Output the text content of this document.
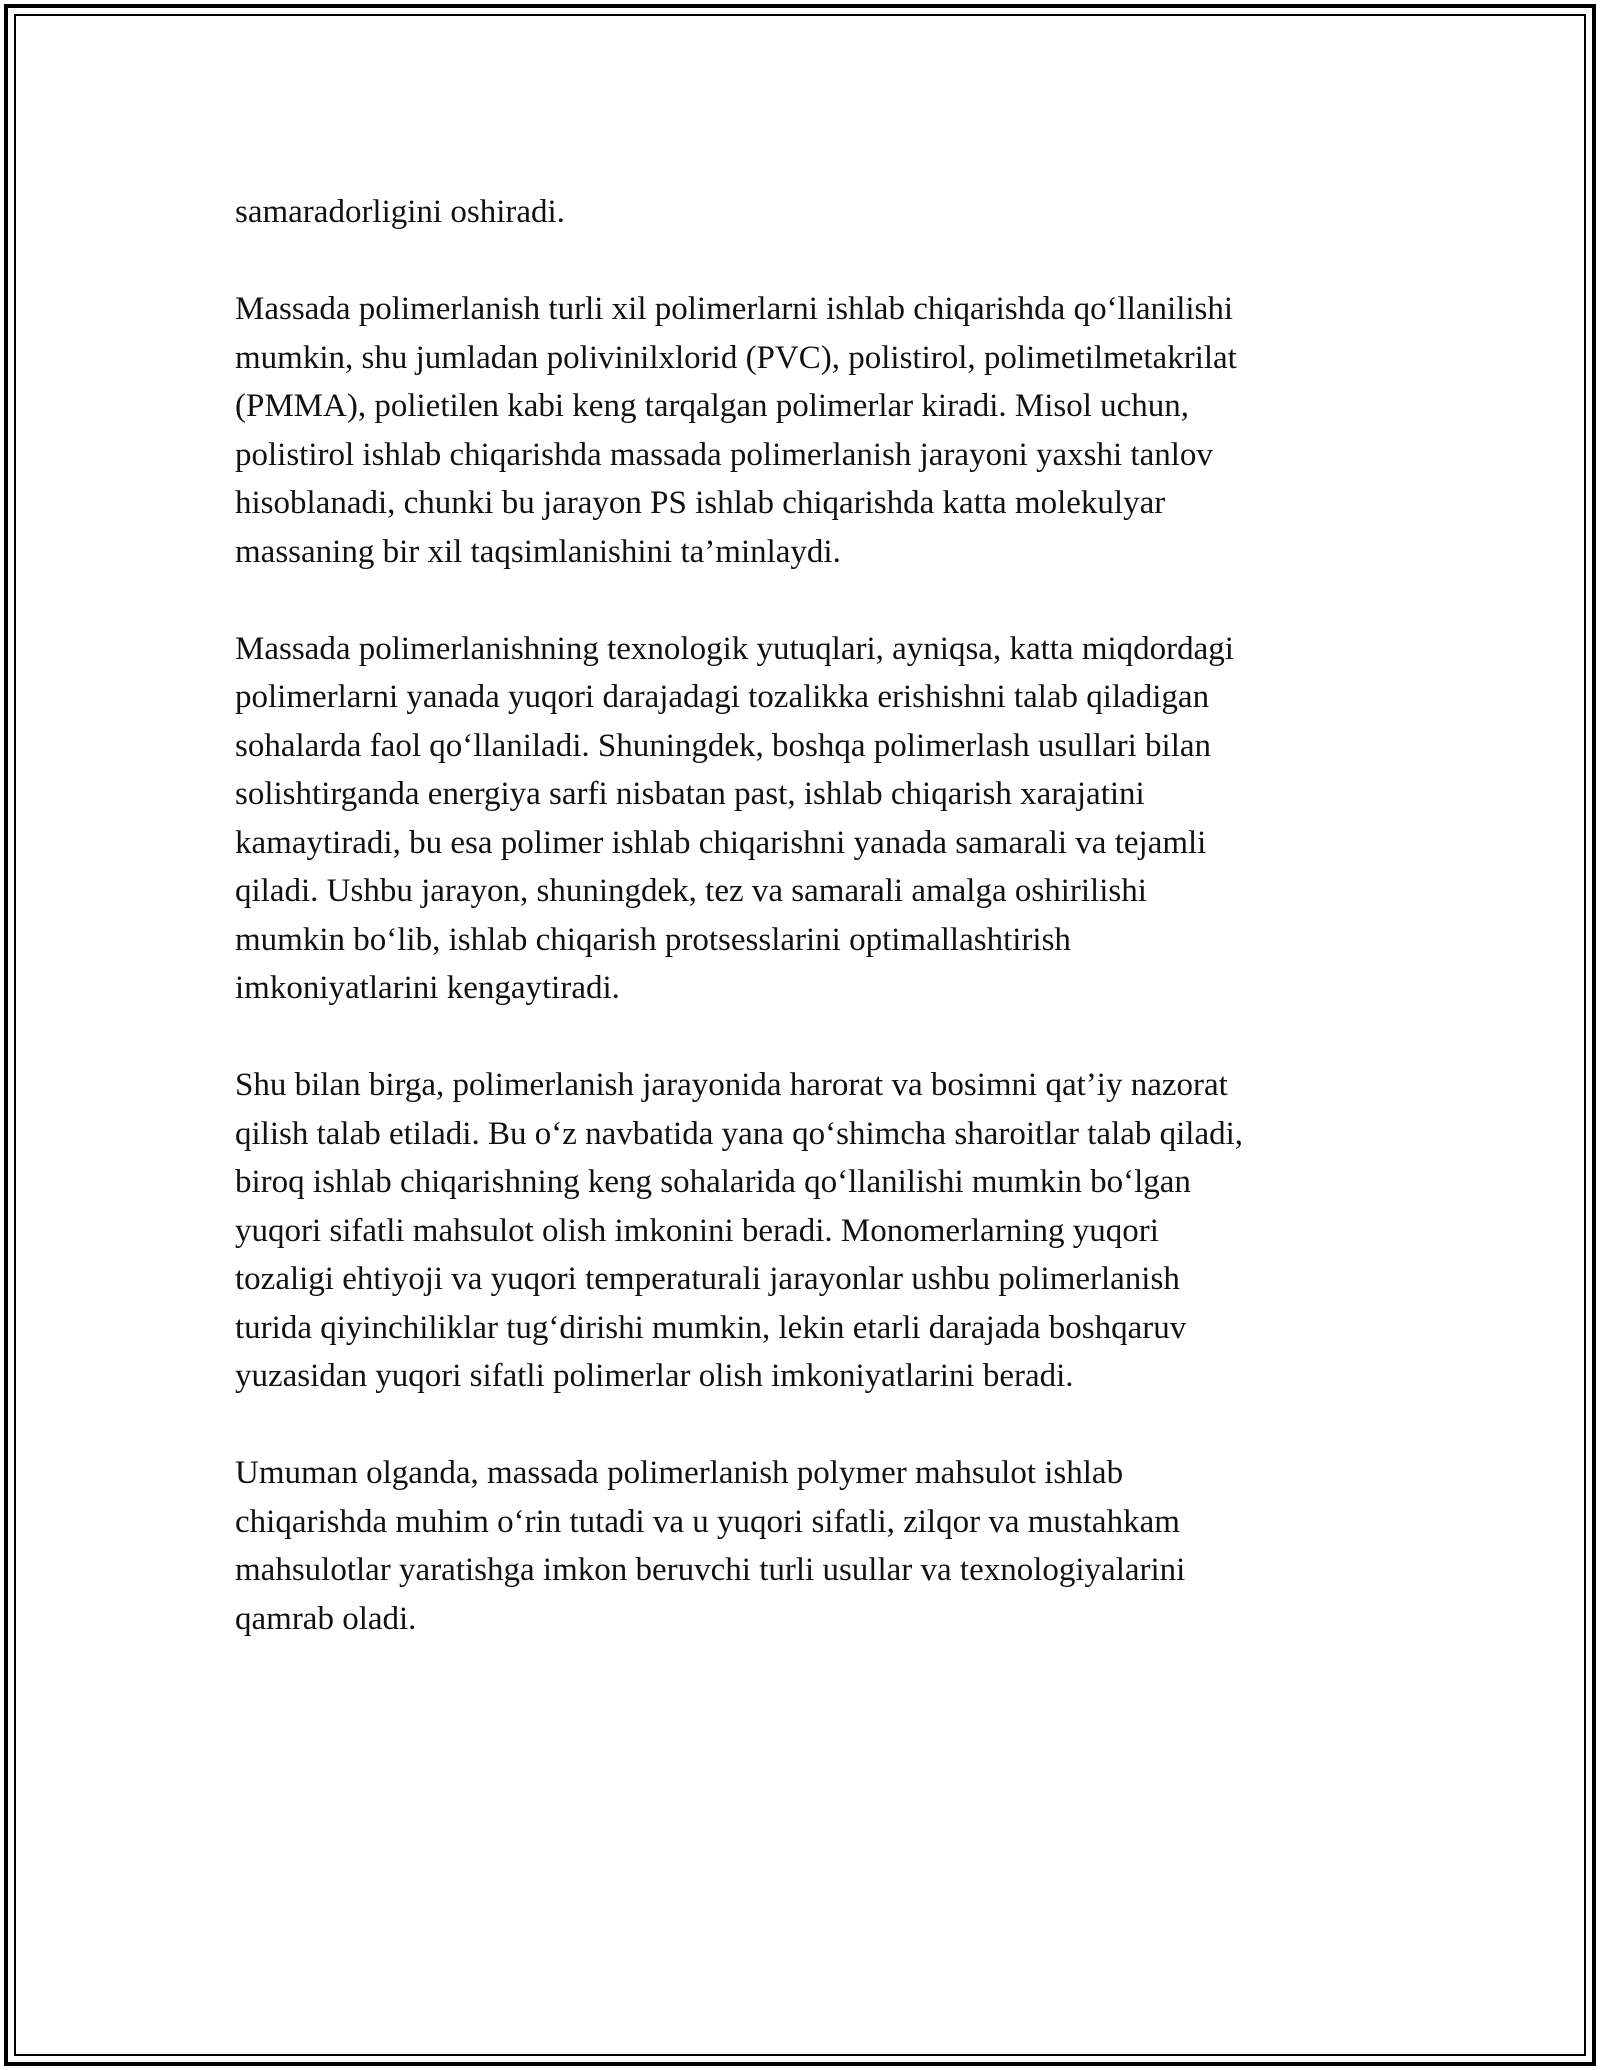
samaradorligini oshiradi.
Massada polimerlanish turli xil polimerlarni ishlab chiqarishda qo‘llanilishi
mumkin, shu jumladan polivinilxlorid (PVC), polistirol, polimetilmetakrilat
(PMMA), polietilen kabi keng tarqalgan polimerlar kiradi. Misol uchun,
polistirol ishlab chiqarishda massada polimerlanish jarayoni yaxshi tanlov
hisoblanadi, chunki bu jarayon PS ishlab chiqarishda katta molekulyar
massaning bir xil taqsimlanishini ta’minlaydi.
Massada polimerlanishning texnologik yutuqlari, ayniqsa, katta miqdordagi
polimerlarni yanada yuqori darajadagi tozalikka erishishni talab qiladigan
sohalarda faol qo‘llaniladi. Shuningdek, boshqa polimerlash usullari bilan
solishtirganda energiya sarfi nisbatan past, ishlab chiqarish xarajatini
kamaytiradi, bu esa polimer ishlab chiqarishni yanada samarali va tejamli
qiladi. Ushbu jarayon, shuningdek, tez va samarali amalga oshirilishi
mumkin bo‘lib, ishlab chiqarish protsesslarini optimallashtirish
imkoniyatlarini kengaytiradi.
Shu bilan birga, polimerlanish jarayonida harorat va bosimni qat’iy nazorat
qilish talab etiladi. Bu o‘z navbatida yana qo‘shimcha sharoitlar talab qiladi,
biroq ishlab chiqarishning keng sohalarida qo‘llanilishi mumkin bo‘lgan
yuqori sifatli mahsulot olish imkonini beradi. Monomerlarning yuqori
tozaligi ehtiyoji va yuqori temperaturali jarayonlar ushbu polimerlanish
turida qiyinchiliklar tug‘dirishi mumkin, lekin etarli darajada boshqaruv
yuzasidan yuqori sifatli polimerlar olish imkoniyatlarini beradi.
Umuman olganda, massada polimerlanish polymer mahsulot ishlab
chiqarishda muhim o‘rin tutadi va u yuqori sifatli, zilqor va mustahkam
mahsulotlar yaratishga imkon beruvchi turli usullar va texnologiyalarini
qamrab oladi.
